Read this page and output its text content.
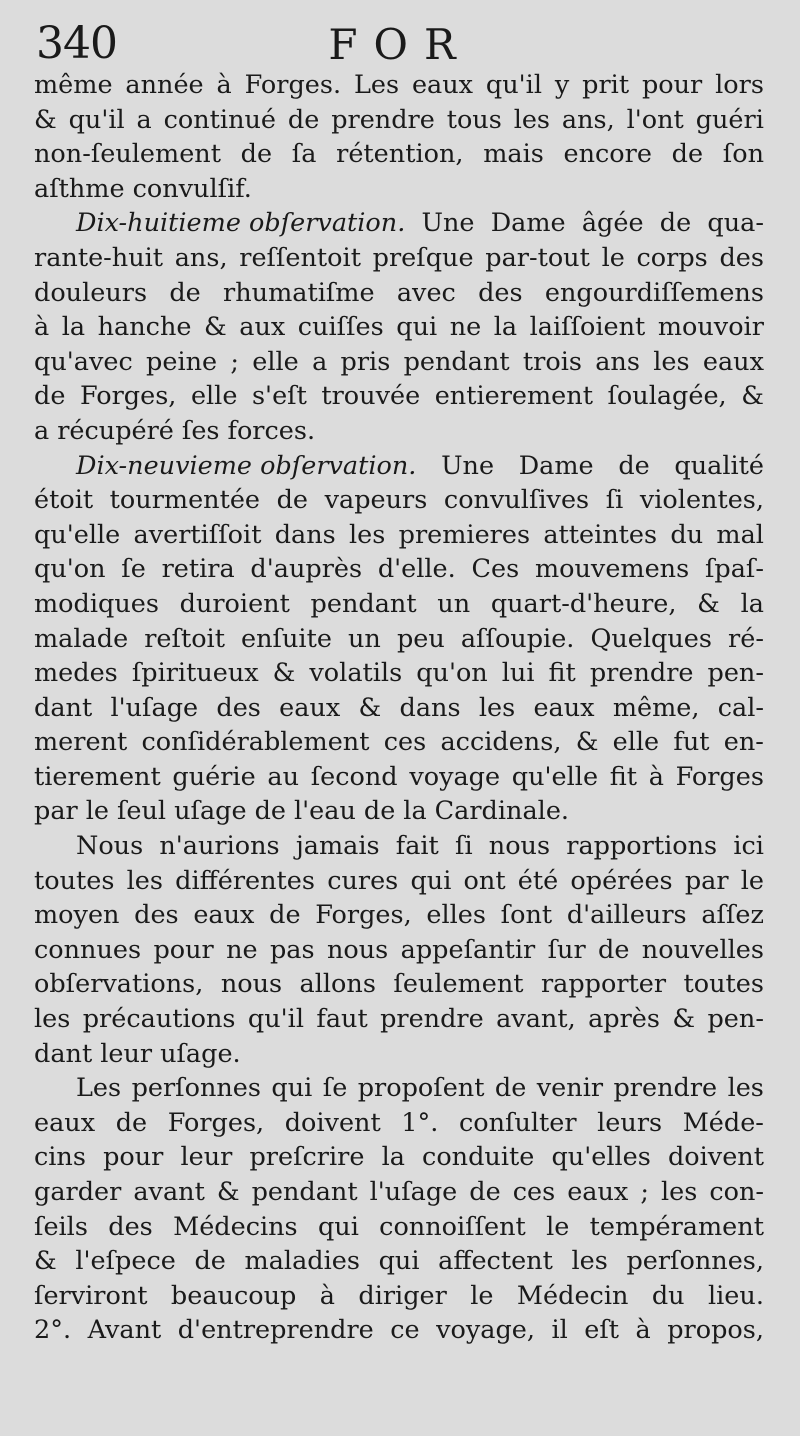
340	FOR
même année à Forges. Les eaux qu'il y prit pour lors
& qu'il a continué de prendre tous les ans, l'ont guéri
non-ſeulement de ſa rétention, mais encore de ſon
aſthme convulſif.
Dix-huitieme obſervation. Une Dame âgée de qua-
rante-huit ans, reſſentoit preſque par-tout le corps des
douleurs de rhumatiſme avec des engourdiſſemens
à la hanche & aux cuiſſes qui ne la laiſſoient mouvoir
qu'avec peine ; elle a pris pendant trois ans les eaux
de Forges, elle s'eſt trouvée entierement ſoulagée, &
a récupéré ſes forces.
Dix-neuvieme obſervation. Une Dame de qualité
étoit tourmentée de vapeurs convulſives ſi violentes,
qu'elle avertiſſoit dans les premieres atteintes du mal
qu'on ſe retira d'auprès d'elle. Ces mouvemens ſpaſ-
modiques duroient pendant un quart-d'heure, & la
malade reſtoit enſuite un peu aſſoupie. Quelques ré-
medes ſpiritueux & volatils qu'on lui fit prendre pen-
dant l'uſage des eaux & dans les eaux même, cal-
merent conſidérablement ces accidens, & elle fut en-
tierement guérie au ſecond voyage qu'elle fit à Forges
par le ſeul uſage de l'eau de la Cardinale.
Nous n'aurions jamais fait ſi nous rapportions ici
toutes les différentes cures qui ont été opérées par le
moyen des eaux de Forges, elles ſont d'ailleurs aſſez
connues pour ne pas nous appeſantir ſur de nouvelles
obſervations, nous allons ſeulement rapporter toutes
les précautions qu'il faut prendre avant, après & pen-
dant leur uſage.
Les perſonnes qui ſe propoſent de venir prendre les
eaux de Forges, doivent 1°. conſulter leurs Méde-
cins pour leur preſcrire la conduite qu'elles doivent
garder avant & pendant l'uſage de ces eaux ; les con-
ſeils des Médecins qui connoiſſent le tempérament
& l'eſpece de maladies qui affectent les perſonnes,
ſerviront beaucoup à diriger le Médecin du lieu.
2°. Avant d'entreprendre ce voyage, il eſt à propos,
